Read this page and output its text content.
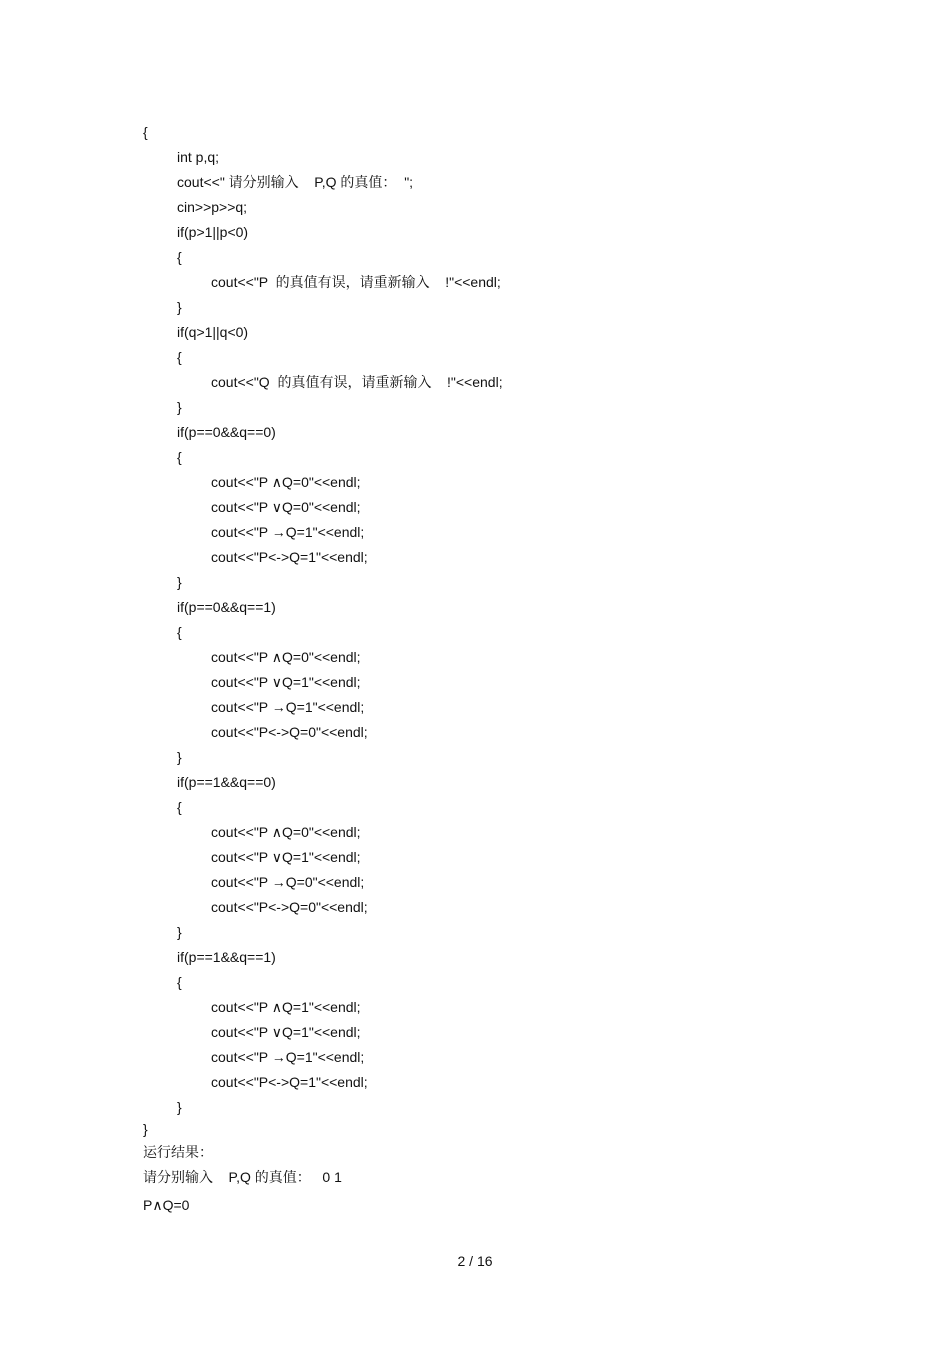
{
int p,q;
cout<<" 请分别输入    P,Q 的真值：  ";
cin>>p>>q;
if(p>1||p<0)
{
cout<<"P  的真值有误，请重新输入    !"<<endl;
}
if(q>1||q<0)
{
cout<<"Q  的真值有误，请重新输入    !"<<endl;
}
if(p==0&&q==0)
{
cout<<"P ∧Q=0"<<endl;
cout<<"P ∨Q=0"<<endl;
cout<<"P →Q=1"<<endl;
cout<<"P<->Q=1"<<endl;
}
if(p==0&&q==1)
{
cout<<"P ∧Q=0"<<endl;
cout<<"P ∨Q=1"<<endl;
cout<<"P →Q=1"<<endl;
cout<<"P<->Q=0"<<endl;
}
if(p==1&&q==0)
{
cout<<"P ∧Q=0"<<endl;
cout<<"P ∨Q=1"<<endl;
cout<<"P →Q=0"<<endl;
cout<<"P<->Q=0"<<endl;
}
if(p==1&&q==1)
{
cout<<"P ∧Q=1"<<endl;
cout<<"P ∨Q=1"<<endl;
cout<<"P →Q=1"<<endl;
cout<<"P<->Q=1"<<endl;
}
}
运行结果：
请分别输入    P,Q 的真值：   0 1
P∧Q=0
2 / 16
